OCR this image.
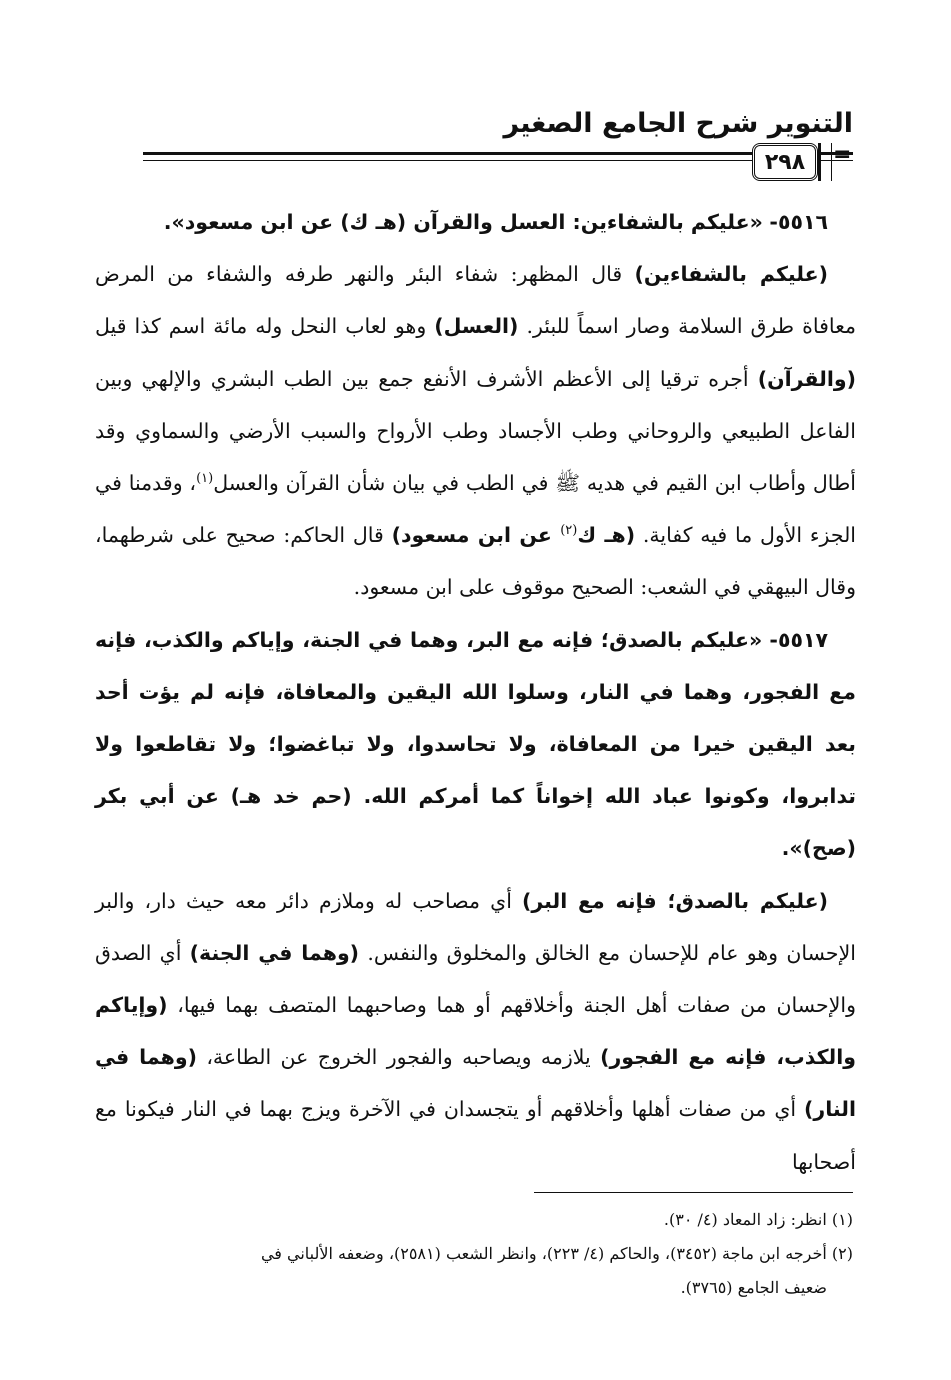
التنوير شرح الجامع الصغير
٢٩٨	=

٥٥١٦- «عليكم بالشفاءين: العسل والقرآن (هـ ك) عن ابن مسعود».

(عليكم بالشفاءين) قال المظهر: شفاء البئر والنهر طرفه والشفاء من المرض معافاة طرق السلامة وصار اسماً للبئر. (العسل) وهو لعاب النحل وله مائة اسم كذا قيل (والقرآن) أجره ترقيا إلى الأعظم الأشرف الأنفع جمع بين الطب البشري والإلهي وبين الفاعل الطبيعي والروحاني وطب الأجساد وطب الأرواح والسبب الأرضي والسماوي وقد أطال وأطاب ابن القيم في هديه ﷺ في الطب في بيان شأن القرآن والعسل$^{(١)}$، وقدمنا في الجزء الأول ما فيه كفاية. (هـ ك$^{(٢)}$ عن ابن مسعود) قال الحاكم: صحيح على شرطهما، وقال البيهقي في الشعب: الصحيح موقوف على ابن مسعود.

٥٥١٧- «عليكم بالصدق؛ فإنه مع البر، وهما في الجنة، وإياكم والكذب، فإنه مع الفجور، وهما في النار، وسلوا الله اليقين والمعافاة، فإنه لم يؤت أحد بعد اليقين خيرا من المعافاة، ولا تحاسدوا، ولا تباغضوا؛ ولا تقاطعوا ولا تدابروا، وكونوا عباد الله إخواناً كما أمركم الله. (حم خد هـ) عن أبي بكر (صح)».

(عليكم بالصدق؛ فإنه مع البر) أي مصاحب له وملازم دائر معه حيث دار، والبر الإحسان وهو عام للإحسان مع الخالق والمخلوق والنفس. (وهما في الجنة) أي الصدق والإحسان من صفات أهل الجنة وأخلاقهم أو هما وصاحبهما المتصف بهما فيها، (وإياكم والكذب، فإنه مع الفجور) يلازمه ويصاحبه والفجور الخروج عن الطاعة، (وهما في النار) أي من صفات أهلها وأخلاقهم أو يتجسدان في الآخرة ويزج بهما في النار فيكونا مع أصحابها

(١) انظر: زاد المعاد (٤/ ٣٠).

(٢) أخرجه ابن ماجة (٣٤٥٢)، والحاكم (٤/ ٢٢٣)، وانظر الشعب (٢٥٨١)، وضعفه الألباني في

ضعيف الجامع (٣٧٦٥).
